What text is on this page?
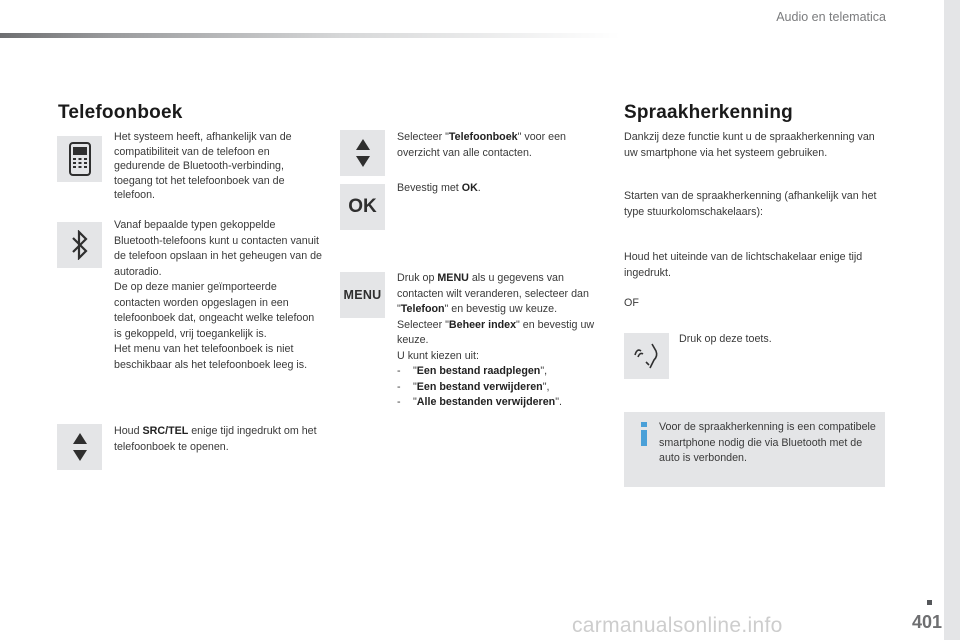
Audio en telematica
Telefoonboek

Het systeem heeft, afhankelijk van de compatibiliteit van de telefoon en gedurende de Bluetooth-verbinding, toegang tot het telefoonboek van de telefoon.

Vanaf bepaalde typen gekoppelde Bluetooth-telefoons kunt u contacten vanuit de telefoon opslaan in het geheugen van de autoradio.

De op deze manier geïmporteerde contacten worden opgeslagen in een telefoonboek dat, ongeacht welke telefoon is gekoppeld, vrij toegankelijk is.

Het menu van het telefoonboek is niet beschikbaar als het telefoonboek leeg is.

Houd SRC/TEL enige tijd ingedrukt om het telefoonboek te openen.

Selecteer "Telefoonboek" voor een overzicht van alle contacten.

OK

Bevestig met OK.

MENU

Druk op MENU als u gegevens van contacten wilt veranderen, selecteer dan "Telefoon" en bevestig uw keuze.

Selecteer "Beheer index" en bevestig uw keuze.

U kunt kiezen uit:

- "Een bestand raadplegen",
- "Een bestand verwijderen",
- "Alle bestanden verwijderen".
Spraakherkenning

Dankzij deze functie kunt u de spraakherkenning van uw smartphone via het systeem gebruiken.

Starten van de spraakherkenning (afhankelijk van het type stuurkolomschakelaars):

Houd het uiteinde van de lichtschakelaar enige tijd ingedrukt.

OF

Druk op deze toets.

Voor de spraakherkenning is een compatibele smartphone nodig die via Bluetooth met de auto is verbonden.

401
carmanualsonline.info
